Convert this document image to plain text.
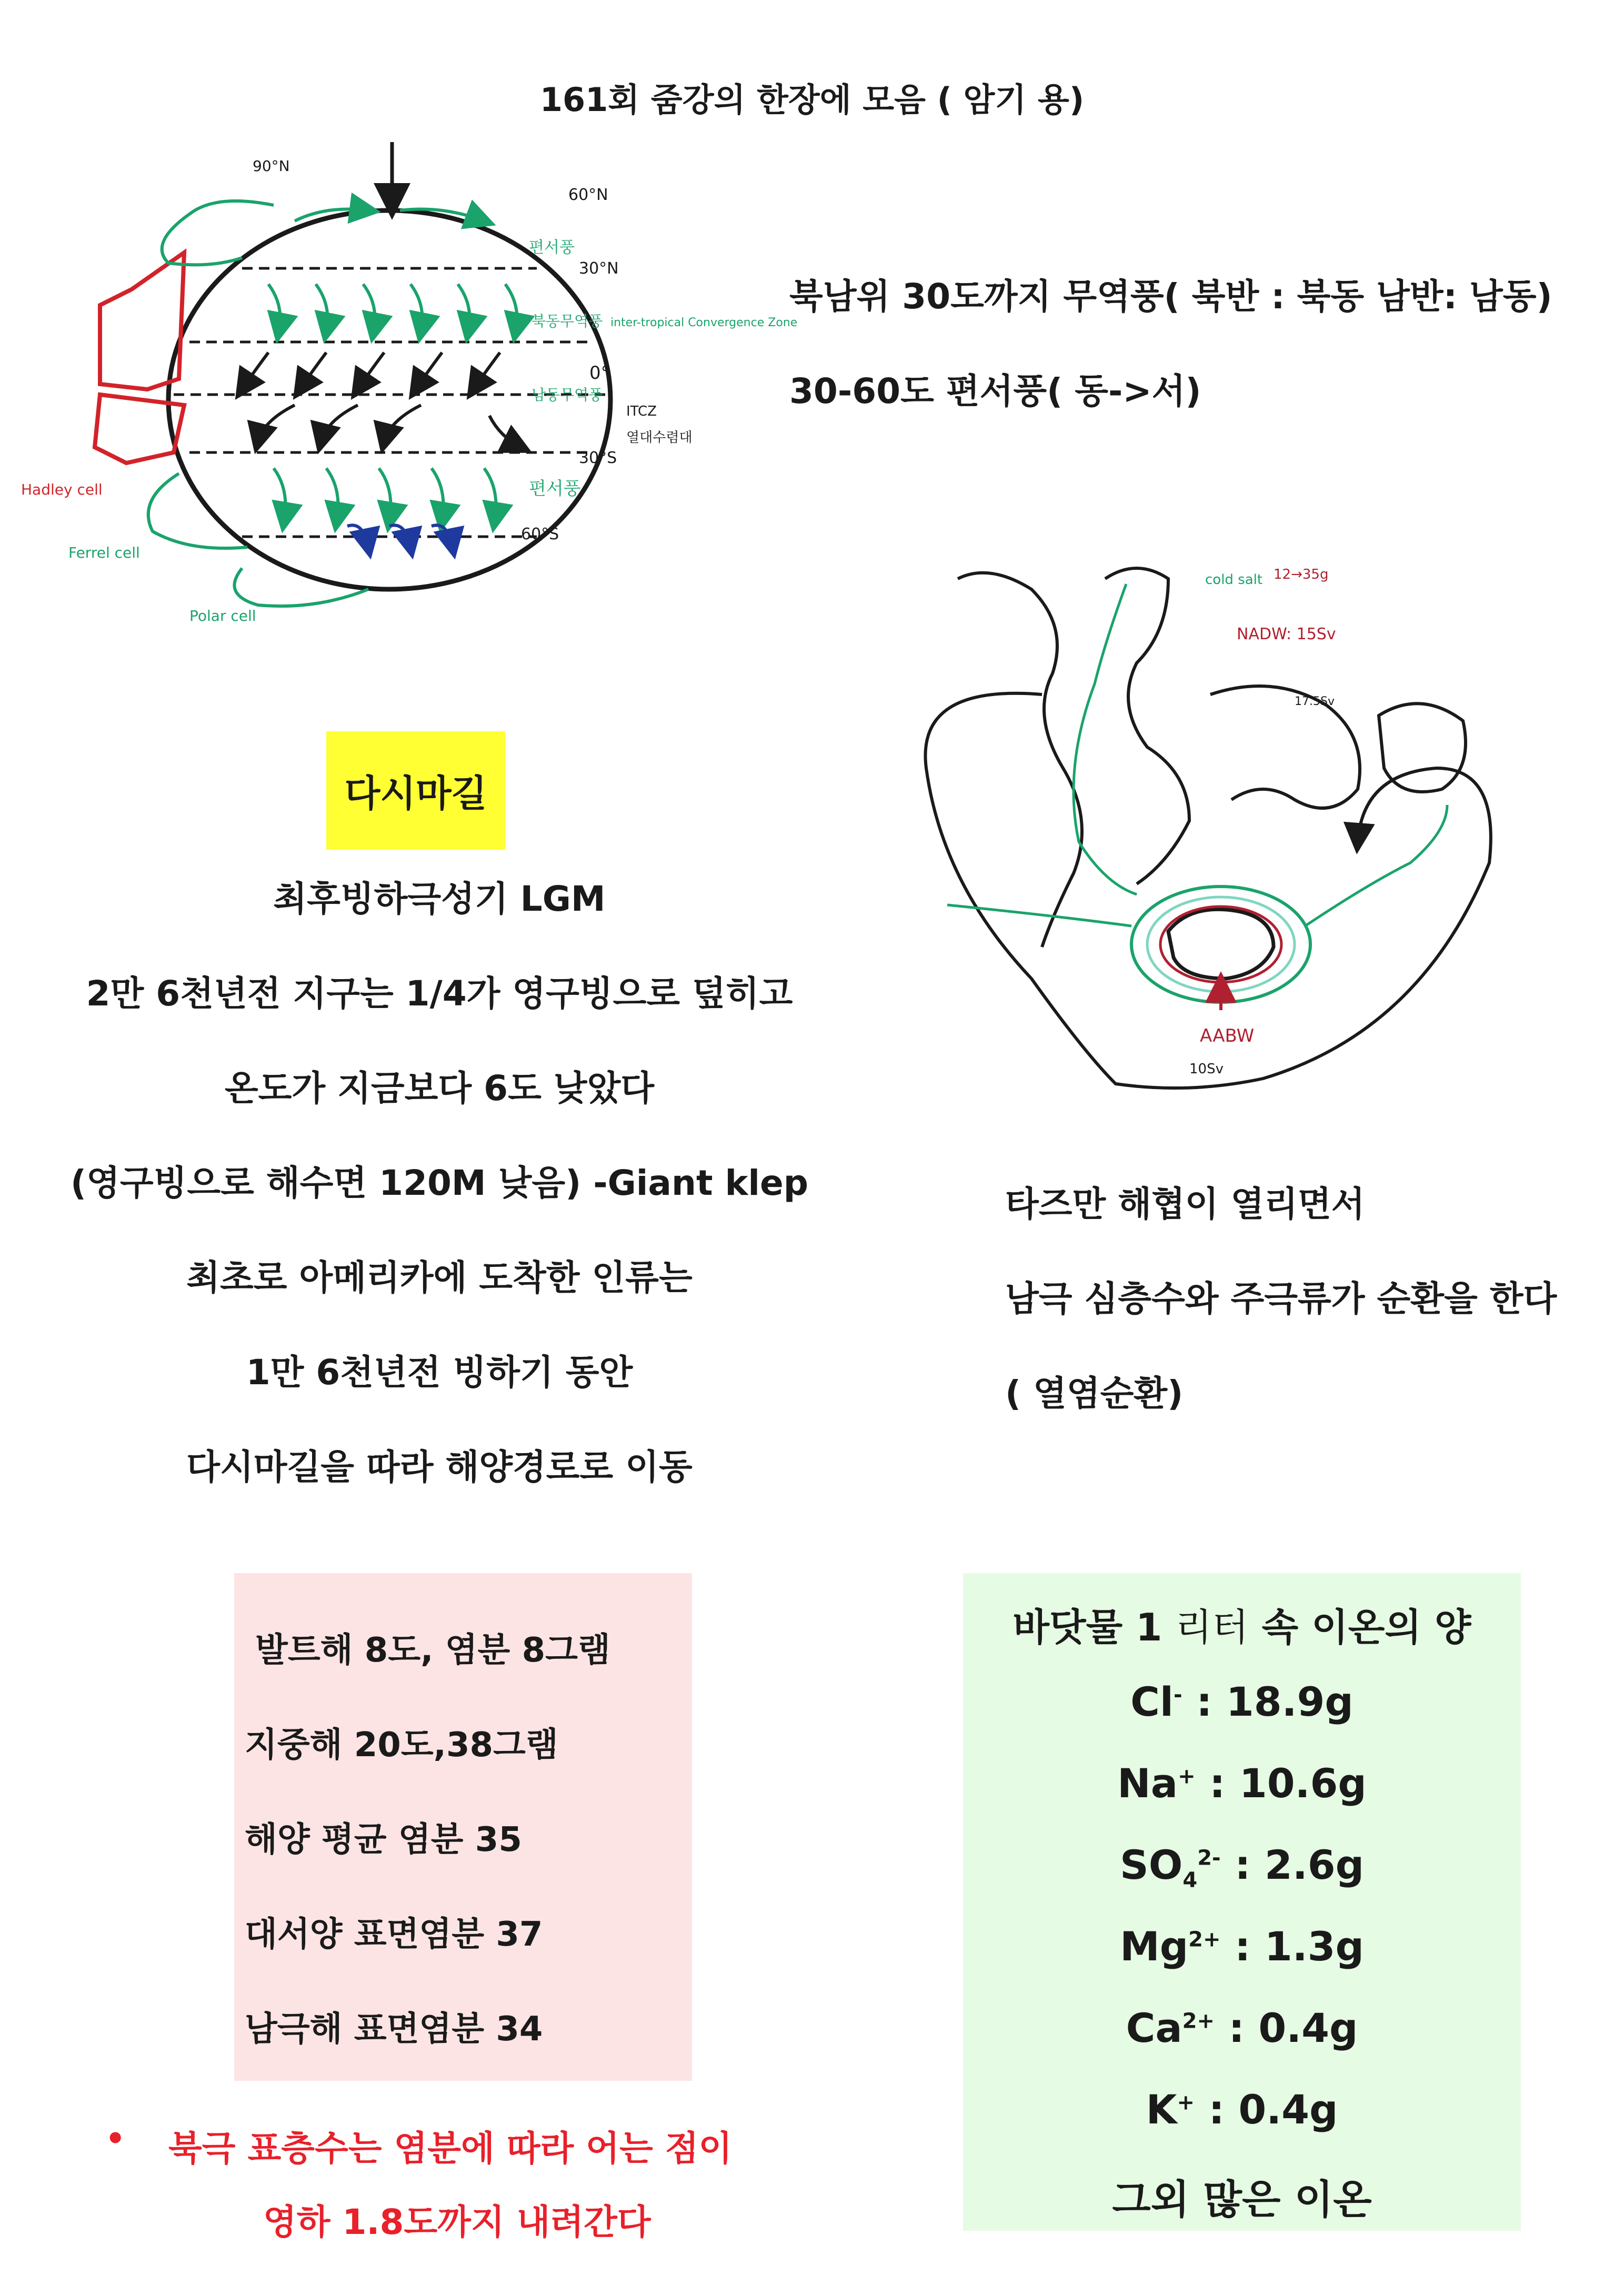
161회 줌강의 한장에 모음 ( 암기 용)
90°N
60°N
30°N
0°
30°S
60°S
편서풍
북동무역풍
남동무역풍
편서풍
inter-tropical Convergence Zone
ITCZ
열대수렴대
Hadley cell
Ferrel cell
Polar cell
북남위 30도까지 무역풍( 북반 : 북동 남반: 남동)
30-60도 편서풍( 동->서)
cold salt 12→35g
NADW: 15Sv
17.5Sv
AABW
10Sv
다시마길
최후빙하극성기 LGM
2만 6천년전 지구는 1/4가 영구빙으로 덮히고
온도가 지금보다 6도 낮았다
(영구빙으로 해수면 120M 낮음) -Giant klep
최초로 아메리카에 도착한 인류는
1만 6천년전 빙하기 동안
다시마길을 따라 해양경로로 이동
타즈만 해협이 열리면서
남극 심층수와 주극류가 순환을 한다
( 열염순환)
발트해 8도, 염분 8그램
지중해 20도,38그램
해양 평균 염분 35
대서양 표면염분 37
남극해 표면염분 34
• 북극 표층수는 염분에 따라 어는 점이
영하 1.8도까지 내려간다
바닷물 1 리터 속 이온의 양
Cl- : 18.9g
Na+ : 10.6g
$SO_4^{2-}$ : 2.6g
$Mg^{2+}$ : 1.3g
$Ca^{2+}$ : 0.4g
K+ : 0.4g
그외 많은 이온
